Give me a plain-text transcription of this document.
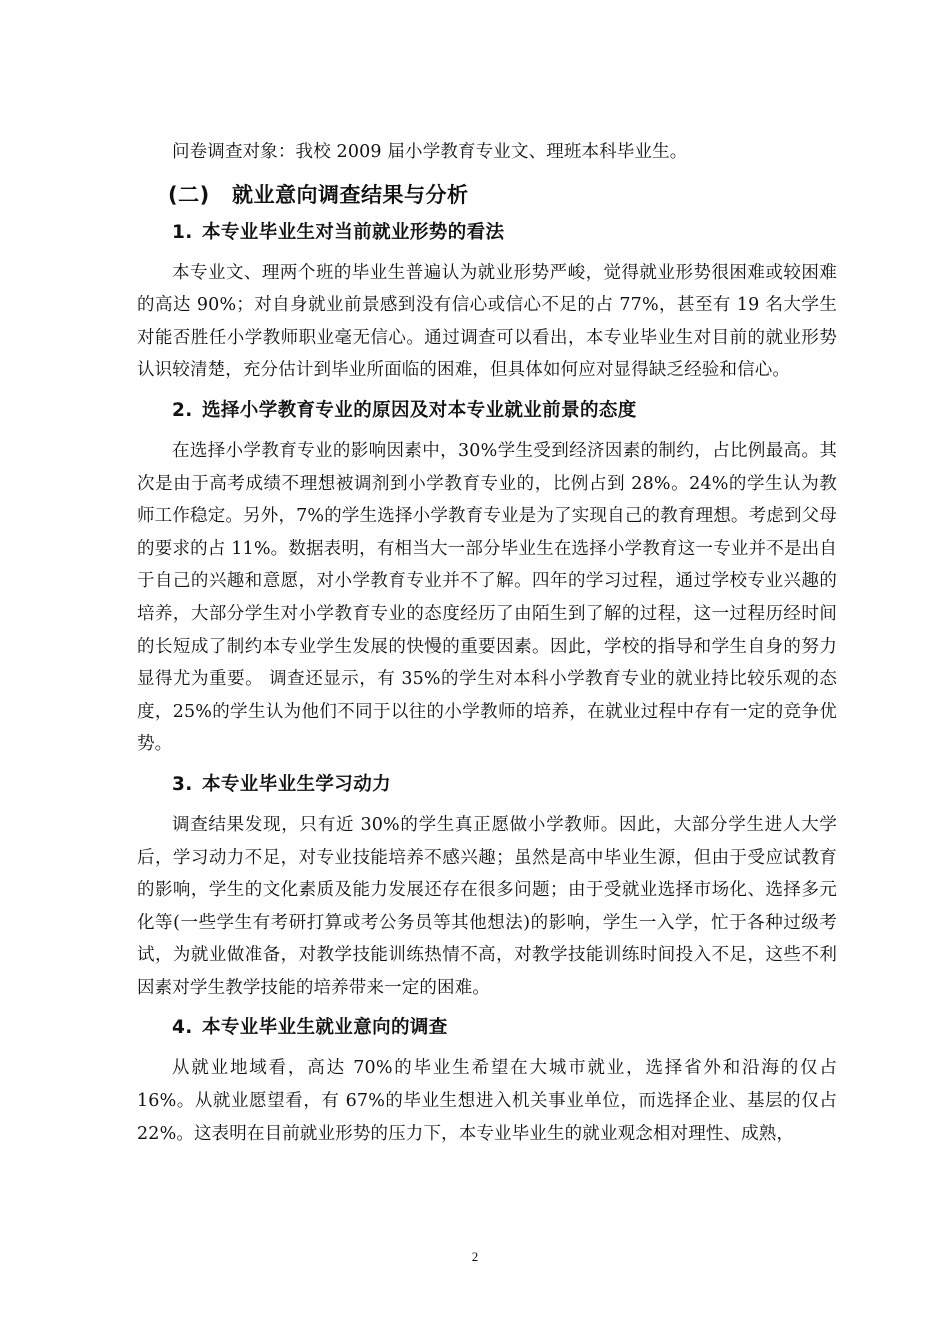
问卷调查对象：我校 2009 届小学教育专业文、理班本科毕业生。

(二) 就业意向调查结果与分析
1. 本专业毕业生对当前就业形势的看法

本专业文、理两个班的毕业生普遍认为就业形势严峻，觉得就业形势很困难或较困难的高达 90%；对自身就业前景感到没有信心或信心不足的占 77%，甚至有 19 名大学生对能否胜任小学教师职业毫无信心。通过调查可以看出，本专业毕业生对目前的就业形势认识较清楚，充分估计到毕业所面临的困难，但具体如何应对显得缺乏经验和信心。

2. 选择小学教育专业的原因及对本专业就业前景的态度

在选择小学教育专业的影响因素中，30%学生受到经济因素的制约，占比例最高。其次是由于高考成绩不理想被调剂到小学教育专业的，比例占到 28%。24%的学生认为教师工作稳定。另外，7%的学生选择小学教育专业是为了实现自己的教育理想。考虑到父母的要求的占 11%。数据表明，有相当大一部分毕业生在选择小学教育这一专业并不是出自于自己的兴趣和意愿，对小学教育专业并不了解。四年的学习过程，通过学校专业兴趣的培养，大部分学生对小学教育专业的态度经历了由陌生到了解的过程，这一过程历经时间的长短成了制约本专业学生发展的快慢的重要因素。因此，学校的指导和学生自身的努力显得尤为重要。 调查还显示，有 35%的学生对本科小学教育专业的就业持比较乐观的态度，25%的学生认为他们不同于以往的小学教师的培养，在就业过程中存有一定的竞争优势。

3. 本专业毕业生学习动力

调查结果发现，只有近 30%的学生真正愿做小学教师。因此，大部分学生进人大学后，学习动力不足，对专业技能培养不感兴趣；虽然是高中毕业生源，但由于受应试教育的影响，学生的文化素质及能力发展还存在很多问题；由于受就业选择市场化、选择多元化等(一些学生有考研打算或考公务员等其他想法)的影响，学生一入学，忙于各种过级考试，为就业做准备，对教学技能训练热情不高，对教学技能训练时间投入不足，这些不利因素对学生教学技能的培养带来一定的困难。

4. 本专业毕业生就业意向的调查

从就业地域看，高达 70%的毕业生希望在大城市就业，选择省外和沿海的仅占 16%。从就业愿望看，有 67%的毕业生想进入机关事业单位，而选择企业、基层的仅占 22%。这表明在目前就业形势的压力下，本专业毕业生的就业观念相对理性、成熟，

2
